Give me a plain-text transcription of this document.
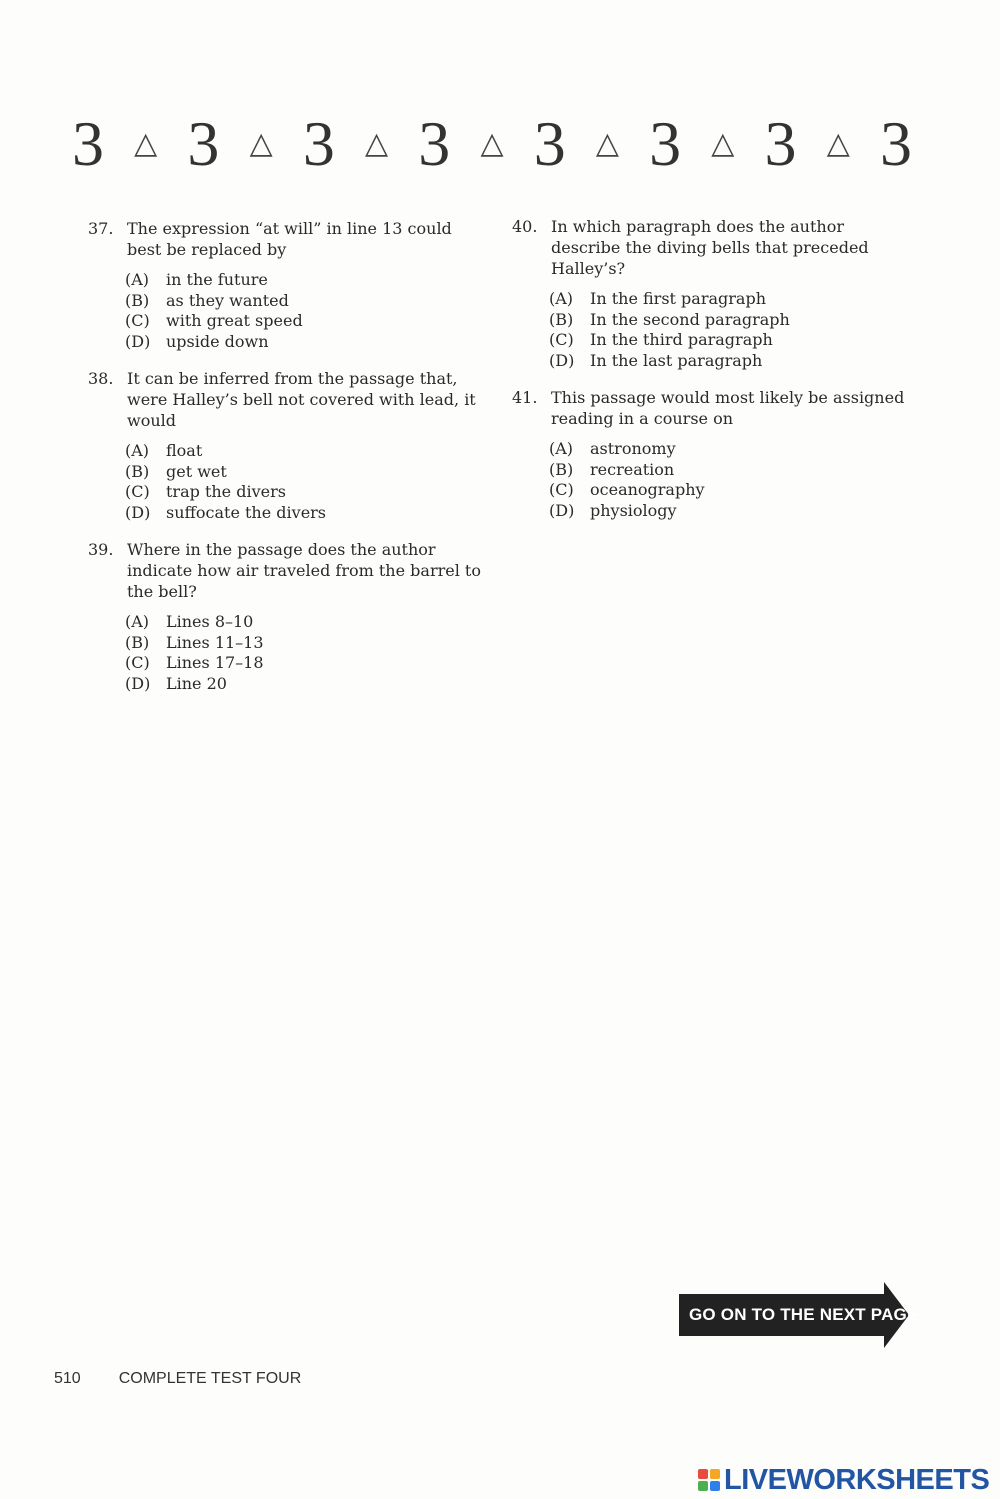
3 △ 3 △ 3 △ 3 △ 3 △ 3 △ 3 △ 3
37. The expression “at will” in line 13 could best be replaced by
(A)	in the future
(B)	as they wanted
(C)	with great speed
(D) upside down
38. It can be inferred from the passage that, were Halley’s bell not covered with lead, it would
(A)	float
(B)	get wet
(C)	trap the divers
(D) suffocate the divers
39. Where in the passage does the author indicate how air traveled from the barrel to the bell?
(A)	Lines 8–10
(B)	Lines 11–13
(C)	Lines 17–18
(D) Line 20
40. In which paragraph does the author describe the diving bells that preceded Halley’s?
(A)	In the first paragraph
(B)	In the second paragraph
(C)	In the third paragraph
(D) In the last paragraph
41. This passage would most likely be assigned reading in a course on
(A)	astronomy
(B)	recreation
(C)	oceanography
(D) physiology
GO ON TO THE NEXT PAGE
510 COMPLETE TEST FOUR
LIVEWORKSHEETS
